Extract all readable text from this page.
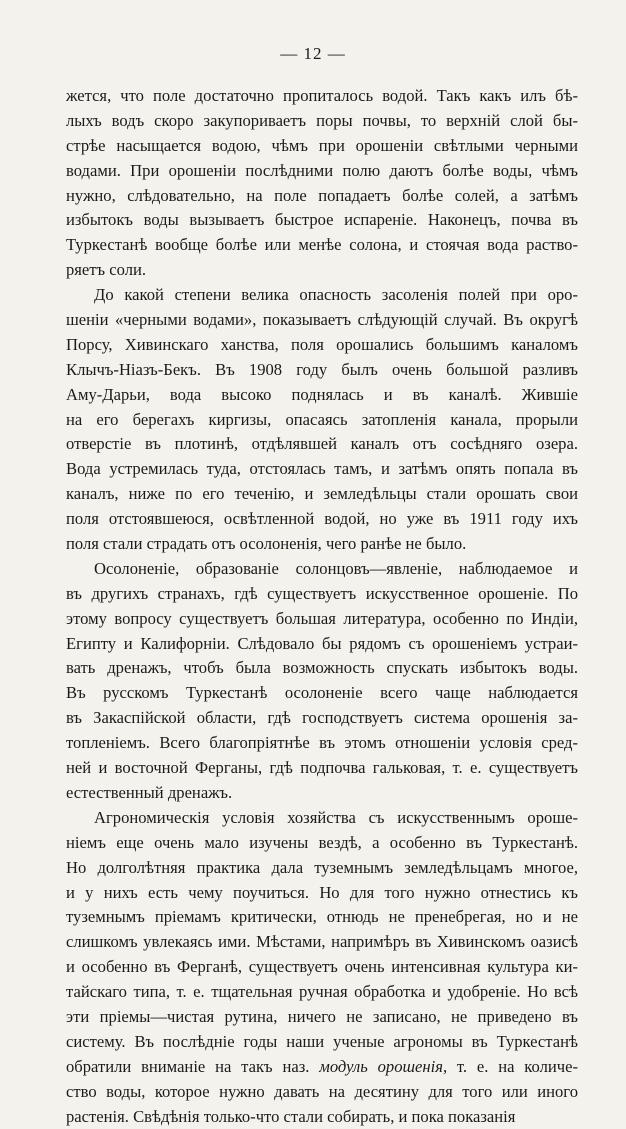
— 12 —
жется, что поле достаточно пропиталось водой. Такъ какъ илъ бѣ-
лыхъ водъ скоро закупориваетъ поры почвы, то верхній слой бы-
стрѣе насыщается водою, чѣмъ при орошеніи свѣтлыми черными
водами. При орошеніи послѣдними полю даютъ болѣе воды, чѣмъ
нужно, слѣдовательно, на поле попадаетъ болѣе солей, а затѣмъ
избытокъ воды вызываетъ быстрое испареніе. Наконецъ, почва въ
Туркестанѣ вообще болѣе или менѣе солона, и стоячая вода раство-
ряетъ соли.
До какой степени велика опасность засоленія полей при оро-
шеніи «черными водами», показываетъ слѣдующій случай. Въ округѣ
Порсу, Хивинскаго ханства, поля орошались большимъ каналомъ
Клычъ-Ніазъ-Бекъ. Въ 1908 году былъ очень большой разливъ
Аму-Дарьи, вода высоко поднялась и въ каналѣ. Жившіе
на его берегахъ киргизы, опасаясь затопленія канала, прорыли
отверстіе въ плотинѣ, отдѣлявшей каналъ отъ сосѣдняго озера.
Вода устремилась туда, отстоялась тамъ, и затѣмъ опять попала въ
каналъ, ниже по его теченію, и земледѣльцы стали орошать свои
поля отстоявшеюся, освѣтленной водой, но уже въ 1911 году ихъ
поля стали страдать отъ осолоненія, чего ранѣе не было.
Осолоненіе, образованіе солонцовъ—явленіе, наблюдаемое и
въ другихъ странахъ, гдѣ существуетъ искусственное орошеніе. По
этому вопросу существуетъ большая литература, особенно по Индіи,
Египту и Калифорніи. Слѣдовало бы рядомъ съ орошеніемъ устраи-
вать дренажъ, чтобъ была возможность спускать избытокъ воды.
Въ русскомъ Туркестанѣ осолоненіе всего чаще наблюдается
въ Закаспійской области, гдѣ господствуетъ система орошенія за-
топленіемъ. Всего благопріятнѣе въ этомъ отношеніи условія сред-
ней и восточной Ферганы, гдѣ подпочва гальковая, т. е. существуетъ
естественный дренажъ.
Агрономическія условія хозяйства съ искусственнымъ ороше-
ніемъ еще очень мало изучены вездѣ, а особенно въ Туркестанѣ.
Но долголѣтняя практика дала туземнымъ земледѣльцамъ многое,
и у нихъ есть чему поучиться. Но для того нужно отнестись къ
туземнымъ пріемамъ критически, отнюдь не пренебрегая, но и не
слишкомъ увлекаясь ими. Мѣстами, напримѣръ въ Хивинскомъ оазисѣ
и особенно въ Ферганѣ, существуетъ очень интенсивная культура ки-
тайскаго типа, т. е. тщательная ручная обработка и удобреніе. Но всѣ
эти пріемы—чистая рутина, ничего не записано, не приведено въ
систему. Въ послѣдніе годы наши ученые агрономы въ Туркестанѣ
обратили вниманіе на такъ наз. модуль орошенія, т. е. на количе-
ство воды, которое нужно давать на десятину для того или иного
растенія. Свѣдѣнія только-что стали собирать, и пока показанія
